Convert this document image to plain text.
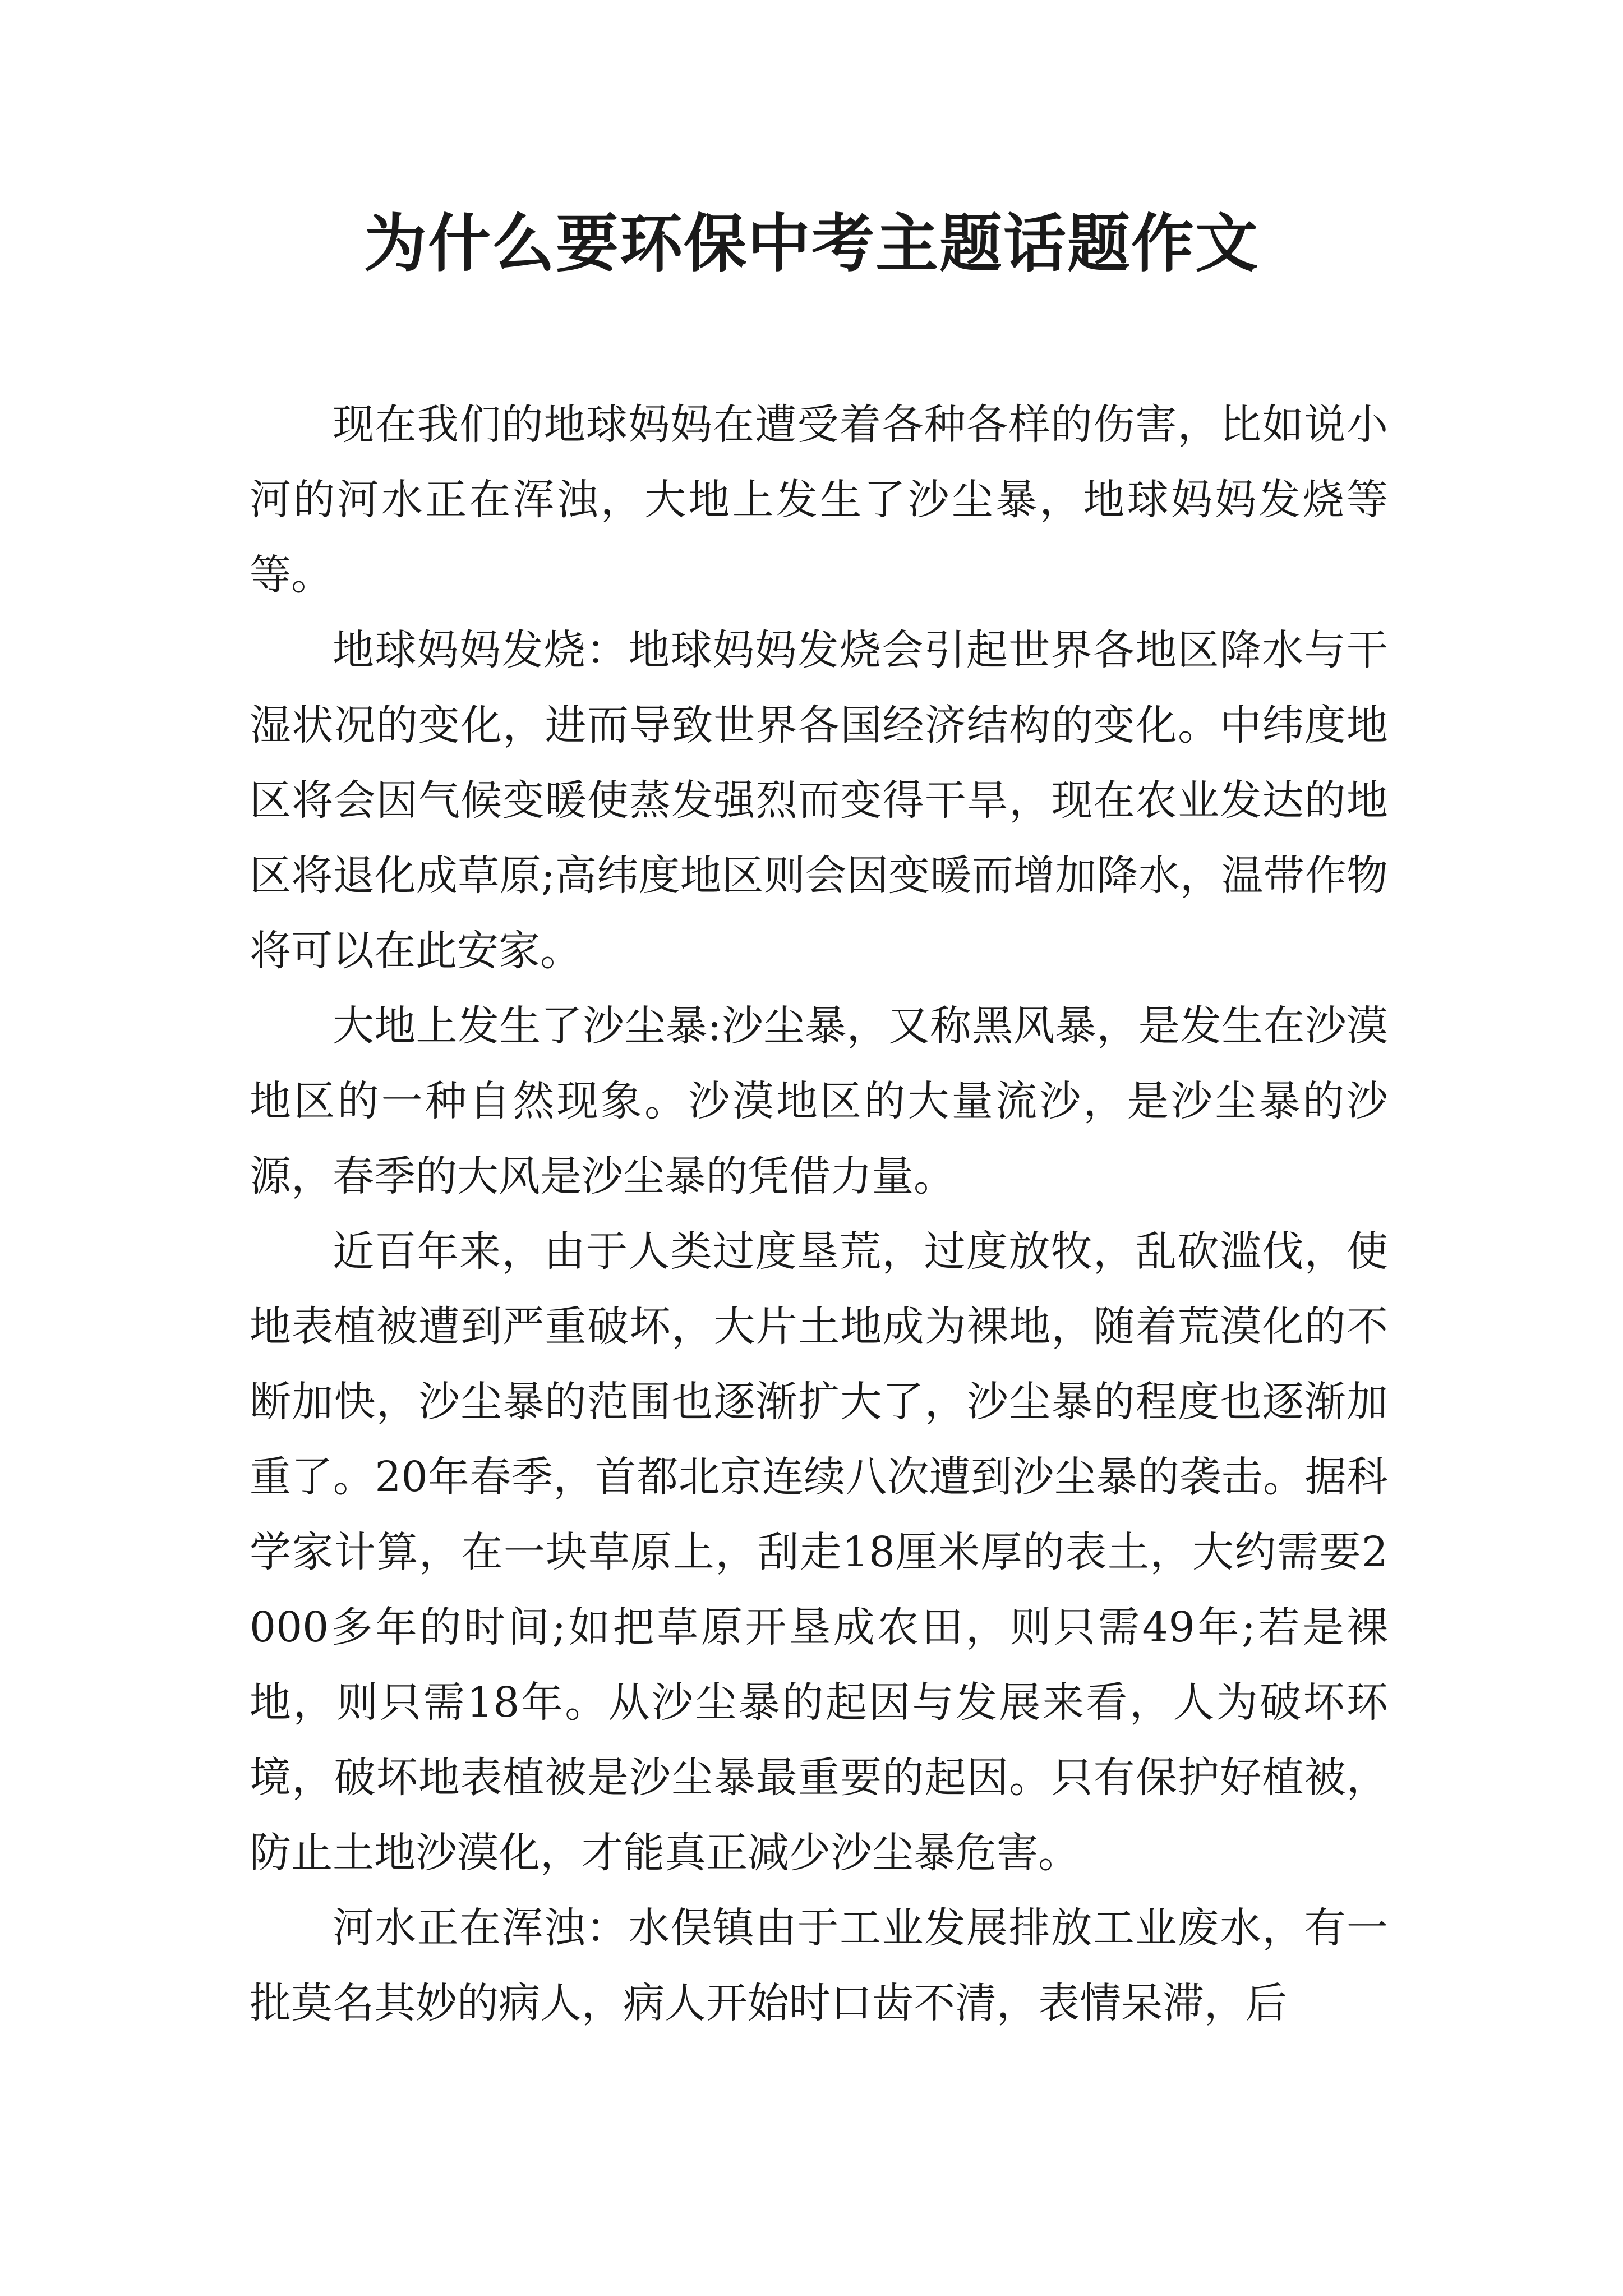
为什么要环保中考主题话题作文

现在我们的地球妈妈在遭受着各种各样的伤害，比如说小河的河水正在浑浊，大地上发生了沙尘暴，地球妈妈发烧等等。

地球妈妈发烧：地球妈妈发烧会引起世界各地区降水与干湿状况的变化，进而导致世界各国经济结构的变化。中纬度地区将会因气候变暖使蒸发强烈而变得干旱，现在农业发达的地区将退化成草原;高纬度地区则会因变暖而增加降水，温带作物将可以在此安家。

大地上发生了沙尘暴:沙尘暴，又称黑风暴，是发生在沙漠地区的一种自然现象。沙漠地区的大量流沙，是沙尘暴的沙源，春季的大风是沙尘暴的凭借力量。

近百年来，由于人类过度垦荒，过度放牧，乱砍滥伐，使地表植被遭到严重破坏，大片土地成为裸地，随着荒漠化的不断加快，沙尘暴的范围也逐渐扩大了，沙尘暴的程度也逐渐加重了。20年春季，首都北京连续八次遭到沙尘暴的袭击。据科学家计算，在一块草原上，刮走18厘米厚的表土，大约需要2000多年的时间;如把草原开垦成农田，则只需49年;若是裸地，则只需18年。从沙尘暴的起因与发展来看，人为破坏环境，破坏地表植被是沙尘暴最重要的起因。只有保护好植被，防止土地沙漠化，才能真正减少沙尘暴危害。

河水正在浑浊：水俣镇由于工业发展排放工业废水，有一批莫名其妙的病人，病人开始时口齿不清，表情呆滞，后
